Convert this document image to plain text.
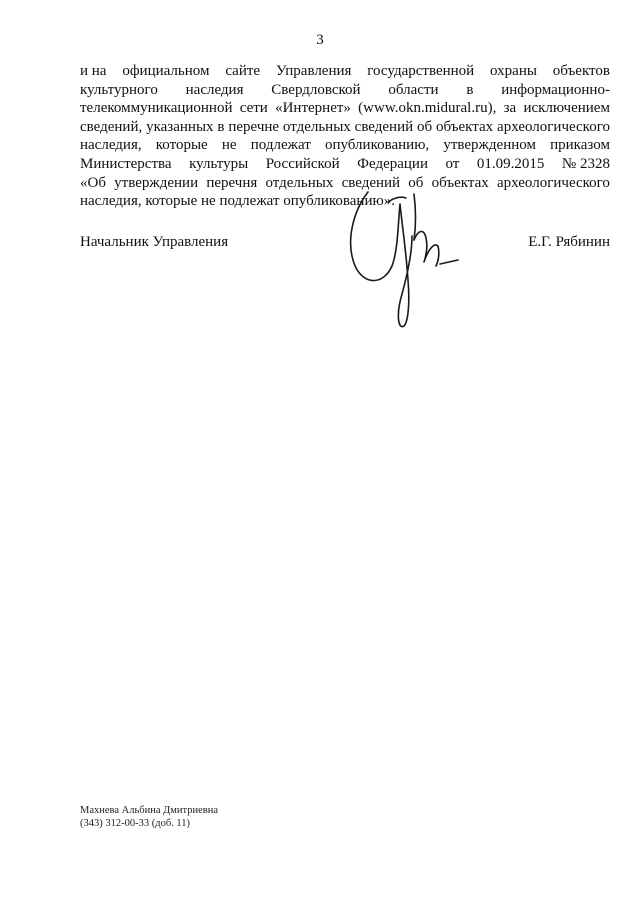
3
и на официальном сайте Управления государственной охраны объектов
культурного наследия Свердловской области в информационно-
телекоммуникационной сети «Интернет» (www.okn.midural.ru), за исключением
сведений, указанных в перечне отдельных сведений об объектах археологического
наследия, которые не подлежат опубликованию, утвержденном приказом
Министерства культуры Российской Федерации от 01.09.2015 № 2328
«Об утверждении перечня отдельных сведений об объектах археологического
наследия, которые не подлежат опубликованию».
Начальник Управления	Е.Г. Рябинин
Махнева Альбина Дмитриевна
(343) 312-00-33 (доб. 11)
